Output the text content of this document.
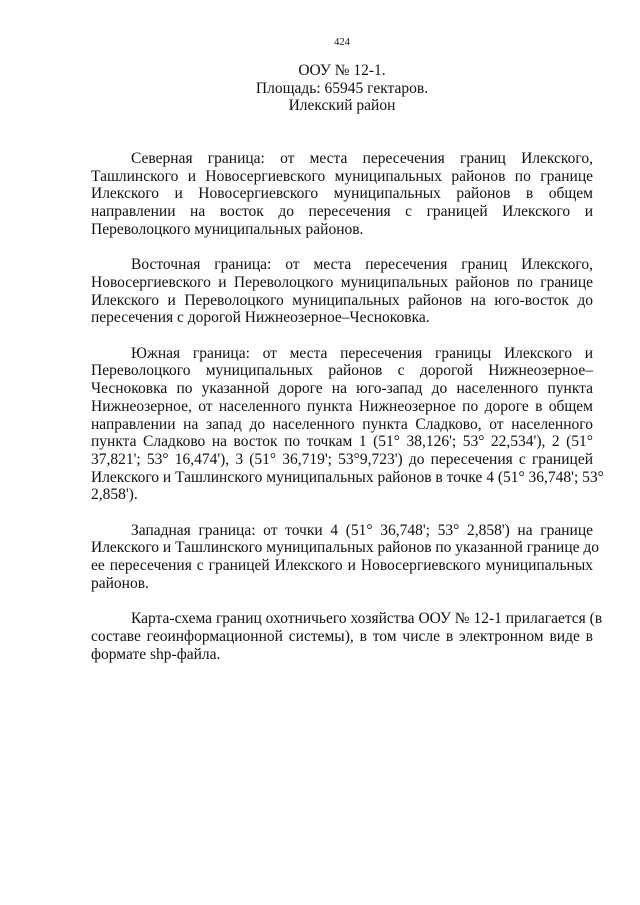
424
ООУ № 12-1.
Площадь: 65945 гектаров.
Илекский район
Северная граница: от места пересечения границ Илекского,
Ташлинского и Новосергиевского муниципальных районов по границе
Илекского и Новосергиевского муниципальных районов в общем
направлении на восток до пересечения с границей Илекского и
Переволоцкого муниципальных районов.
Восточная граница: от места пересечения границ Илекского,
Новосергиевского и Переволоцкого муниципальных районов по границе
Илекского и Переволоцкого муниципальных районов на юго-восток до
пересечения с дорогой Нижнеозерное–Чесноковка.
Южная граница: от места пересечения границы Илекского и
Переволоцкого муниципальных районов с дорогой Нижнеозерное–
Чесноковка по указанной дороге на юго-запад до населенного пункта
Нижнеозерное, от населенного пункта Нижнеозерное по дороге в общем
направлении на запад до населенного пункта Сладково, от населенного
пункта Сладково на восток по точкам 1 (51° 38,126'; 53° 22,534'), 2 (51°
37,821'; 53° 16,474'), 3 (51° 36,719'; 53°9,723') до пересечения с границей
Илекского и Ташлинского муниципальных районов в точке 4 (51° 36,748'; 53°
2,858').
Западная граница: от точки 4 (51° 36,748'; 53° 2,858') на границе
Илекского и Ташлинского муниципальных районов по указанной границе до
ее пересечения с границей Илекского и Новосергиевского муниципальных
районов.
Карта-схема границ охотничьего хозяйства ООУ № 12-1 прилагается (в
составе геоинформационной системы), в том числе в электронном виде в
формате shp-файла.
